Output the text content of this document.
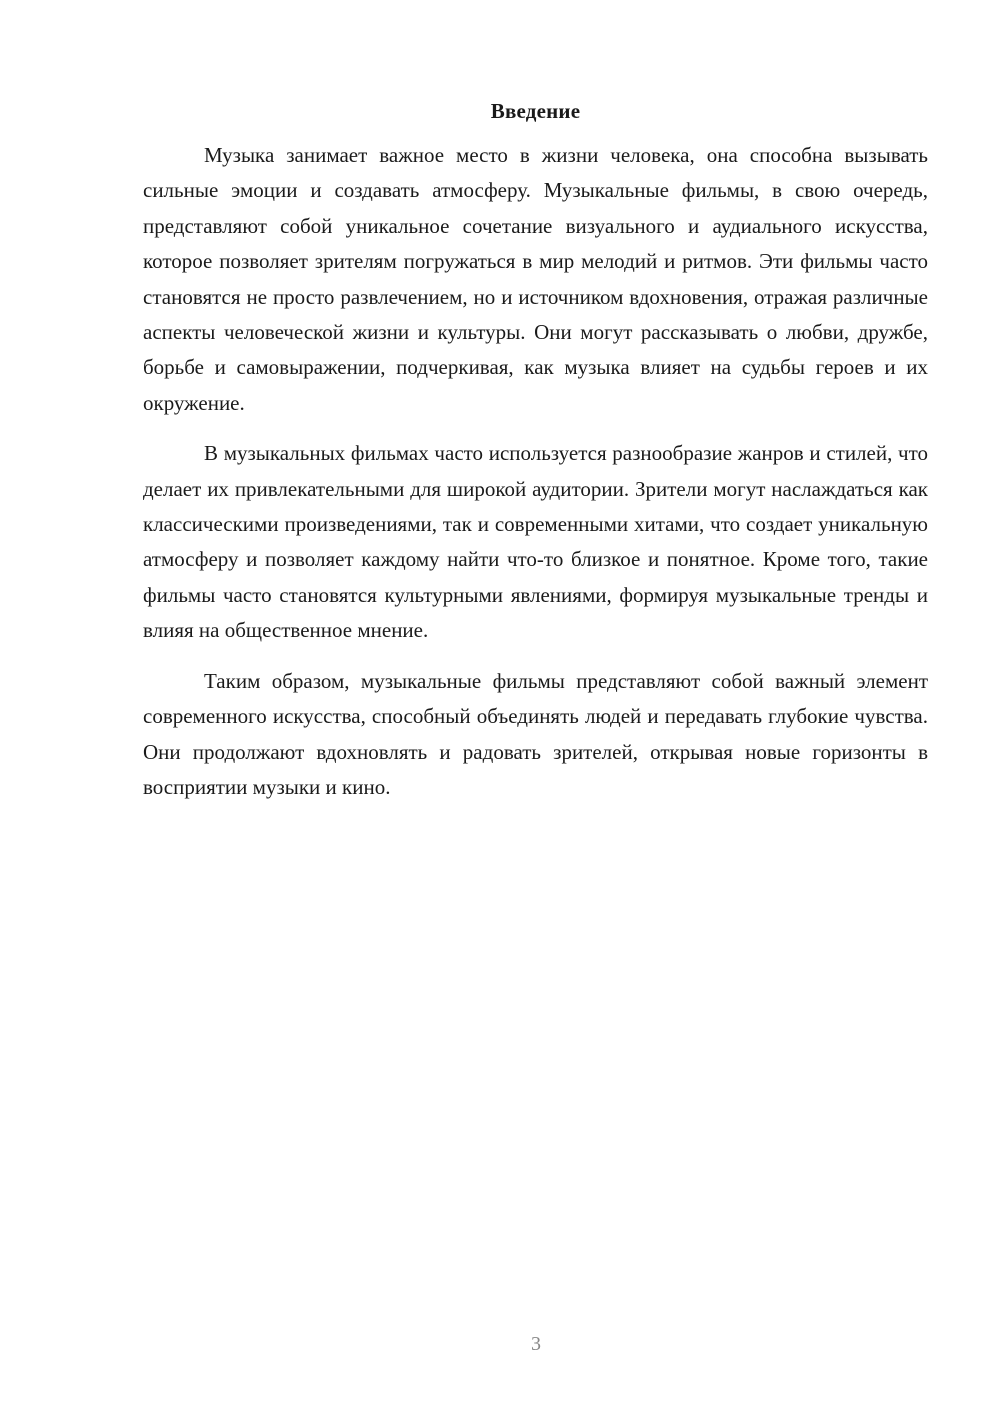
Введение

Музыка занимает важное место в жизни человека, она способна вызывать сильные эмоции и создавать атмосферу. Музыкальные фильмы, в свою очередь, представляют собой уникальное сочетание визуального и аудиального искусства, которое позволяет зрителям погружаться в мир мелодий и ритмов. Эти фильмы часто становятся не просто развлечением, но и источником вдохновения, отражая различные аспекты человеческой жизни и культуры. Они могут рассказывать о любви, дружбе, борьбе и самовыражении, подчеркивая, как музыка влияет на судьбы героев и их окружение.

В музыкальных фильмах часто используется разнообразие жанров и стилей, что делает их привлекательными для широкой аудитории. Зрители могут наслаждаться как классическими произведениями, так и современными хитами, что создает уникальную атмосферу и позволяет каждому найти что-то близкое и понятное. Кроме того, такие фильмы часто становятся культурными явлениями, формируя музыкальные тренды и влияя на общественное мнение.

Таким образом, музыкальные фильмы представляют собой важный элемент современного искусства, способный объединять людей и передавать глубокие чувства. Они продолжают вдохновлять и радовать зрителей, открывая новые горизонты в восприятии музыки и кино.

3
